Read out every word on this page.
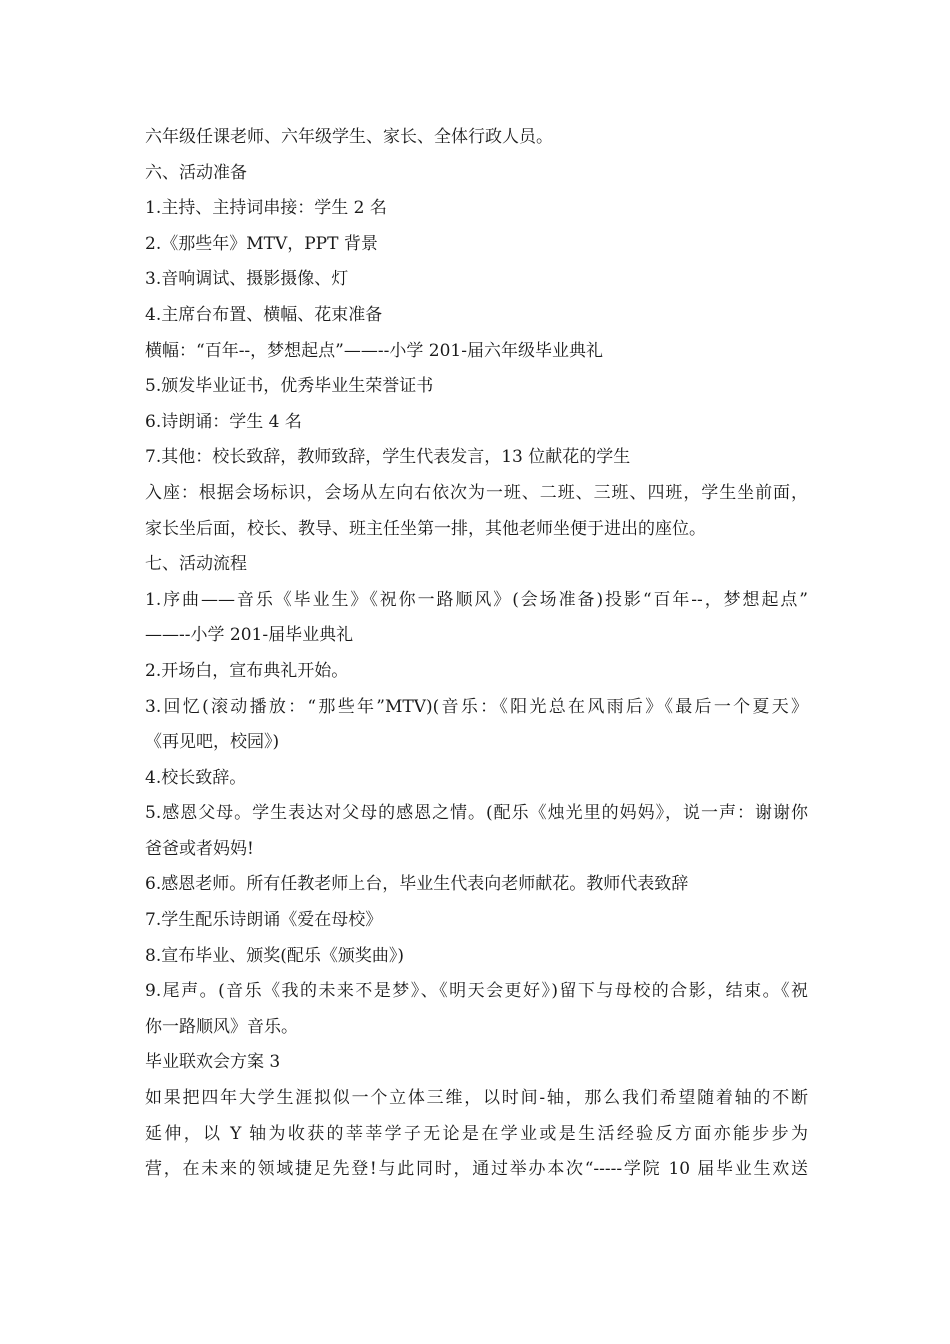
六年级任课老师、六年级学生、家长、全体行政人员。
六、活动准备
1.主持、主持词串接：学生 2 名
2.《那些年》MTV，PPT 背景
3.音响调试、摄影摄像、灯
4.主席台布置、横幅、花束准备
横幅：“百年--，梦想起点”——--小学 201-届六年级毕业典礼
5.颁发毕业证书，优秀毕业生荣誉证书
6.诗朗诵：学生 4 名
7.其他：校长致辞，教师致辞，学生代表发言，13 位献花的学生
入座：根据会场标识，会场从左向右依次为一班、二班、三班、四班，学生坐前面，
家长坐后面，校长、教导、班主任坐第一排，其他老师坐便于进出的座位。
七、活动流程
1.序曲——音乐《毕业生》《祝你一路顺风》(会场准备)投影“百年--，梦想起点”
——--小学 201-届毕业典礼
2.开场白，宣布典礼开始。
3.回忆(滚动播放：“那些年”MTV)(音乐：《阳光总在风雨后》《最后一个夏天》
《再见吧，校园》)
4.校长致辞。
5.感恩父母。学生表达对父母的感恩之情。(配乐《烛光里的妈妈》，说一声：谢谢你
爸爸或者妈妈!
6.感恩老师。所有任教老师上台，毕业生代表向老师献花。教师代表致辞
7.学生配乐诗朗诵《爱在母校》
8.宣布毕业、颁奖(配乐《颁奖曲》)
9.尾声。(音乐《我的未来不是梦》、《明天会更好》)留下与母校的合影，结束。《祝
你一路顺风》音乐。
毕业联欢会方案 3
如果把四年大学生涯拟似一个立体三维，以时间-轴，那么我们希望随着轴的不断
延伸，以 Y 轴为收获的莘莘学子无论是在学业或是生活经验反方面亦能步步为
营，在未来的领域捷足先登!与此同时，通过举办本次“-----学院 10 届毕业生欢送
